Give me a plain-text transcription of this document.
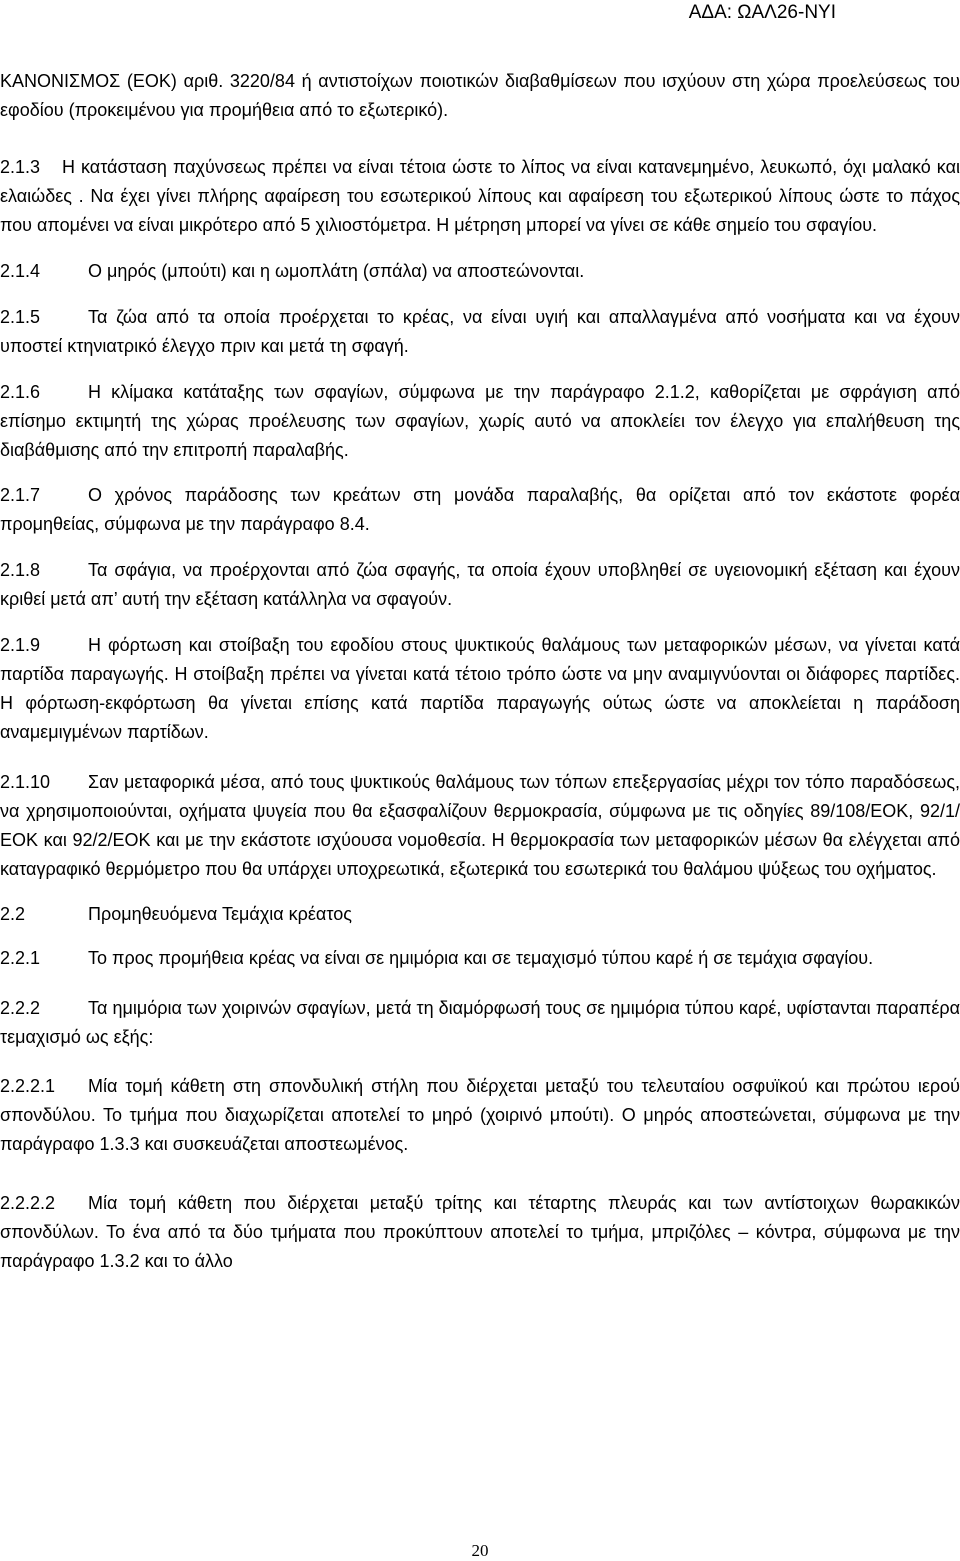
ΑΔΑ: ΩΑΛ26-ΝΥΙ

ΚΑΝΟΝΙΣΜΟΣ (ΕΟΚ) αριθ. 3220/84 ή αντιστοίχων ποιοτικών διαβαθμίσεων που ισχύουν στη χώρα προελεύσεως του εφοδίου (προκειμένου για προμήθεια από το εξωτερικό).

2.1.3 Η κατάσταση παχύνσεως πρέπει να είναι τέτοια ώστε το λίπος να είναι κατανεμημένο, λευκωπό, όχι μαλακό και ελαιώδες . Να έχει γίνει πλήρης αφαίρεση του εσωτερικού λίπους και αφαίρεση του εξωτερικού λίπους ώστε το πάχος που απομένει να είναι μικρότερο από 5 χιλιοστόμετρα. Η μέτρηση μπορεί να γίνει σε κάθε σημείο του σφαγίου.

2.1.4	Ο μηρός (μπούτι) και η ωμοπλάτη (σπάλα) να αποστεώνονται.

2.1.5	Τα ζώα από τα οποία προέρχεται το κρέας, να είναι υγιή και απαλλαγμένα από νοσήματα και να έχουν υποστεί κτηνιατρικό έλεγχο πριν και μετά τη σφαγή.

2.1.6	Η κλίμακα κατάταξης των σφαγίων, σύμφωνα με την παράγραφο 2.1.2, καθορίζεται με σφράγιση από επίσημο εκτιμητή της χώρας προέλευσης των σφαγίων, χωρίς αυτό να αποκλείει τον έλεγχο για επαλήθευση της διαβάθμισης από την επιτροπή παραλαβής.

2.1.7	Ο χρόνος παράδοσης των κρεάτων στη μονάδα παραλαβής, θα ορίζεται από τον εκάστοτε φορέα προμηθείας, σύμφωνα με την παράγραφο 8.4.

2.1.8	Τα σφάγια, να προέρχονται από ζώα σφαγής, τα οποία έχουν υποβληθεί σε υγειονομική εξέταση και έχουν κριθεί μετά απ’ αυτή την εξέταση κατάλληλα να σφαγούν.

2.1.9	Η φόρτωση και στοίβαξη του εφοδίου στους ψυκτικούς θαλάμους των μεταφορικών μέσων, να γίνεται κατά παρτίδα παραγωγής. Η στοίβαξη πρέπει να γίνεται κατά τέτοιο τρόπο ώστε να μην αναμιγνύονται οι διάφορες παρτίδες. Η φόρτωση-εκφόρτωση θα γίνεται επίσης κατά παρτίδα παραγωγής ούτως ώστε να αποκλείεται η παράδοση αναμεμιγμένων παρτίδων.

2.1.10 Σαν μεταφορικά μέσα, από τους ψυκτικούς θαλάμους των τόπων επεξεργασίας μέχρι τον τόπο παραδόσεως, να χρησιμοποιούνται, οχήματα ψυγεία που θα εξασφαλίζουν θερμοκρασία, σύμφωνα με τις οδηγίες 89/108/ΕΟΚ, 92/1/ΕΟΚ και 92/2/ΕΟΚ και με την εκάστοτε ισχύουσα νομοθεσία. Η θερμοκρασία των μεταφορικών μέσων θα ελέγχεται από καταγραφικό θερμόμετρο που θα υπάρχει υποχρεωτικά, εξωτερικά του εσωτερικά του θαλάμου ψύξεως του οχήματος.

2.2	Προμηθευόμενα Τεμάχια κρέατος

2.2.1	Το προς προμήθεια κρέας να είναι σε ημιμόρια και σε τεμαχισμό τύπου καρέ ή σε τεμάχια σφαγίου.

2.2.2	Τα ημιμόρια των χοιρινών σφαγίων, μετά τη διαμόρφωσή τους σε ημιμόρια τύπου καρέ, υφίστανται παραπέρα τεμαχισμό ως εξής:

2.2.2.1 Μία τομή κάθετη στη σπονδυλική στήλη που διέρχεται μεταξύ του τελευταίου οσφυϊκού και πρώτου ιερού σπονδύλου. Το τμήμα που διαχωρίζεται αποτελεί το μηρό (χοιρινό μπούτι). Ο μηρός αποστεώνεται, σύμφωνα με την παράγραφο 1.3.3 και συσκευάζεται αποστεωμένος.

2.2.2.2 Μία τομή κάθετη που διέρχεται μεταξύ τρίτης και τέταρτης πλευράς και των αντίστοιχων θωρακικών σπονδύλων. Το ένα από τα δύο τμήματα που προκύπτουν αποτελεί το τμήμα, μπριζόλες – κόντρα, σύμφωνα με την παράγραφο 1.3.2 και το άλλο

20
